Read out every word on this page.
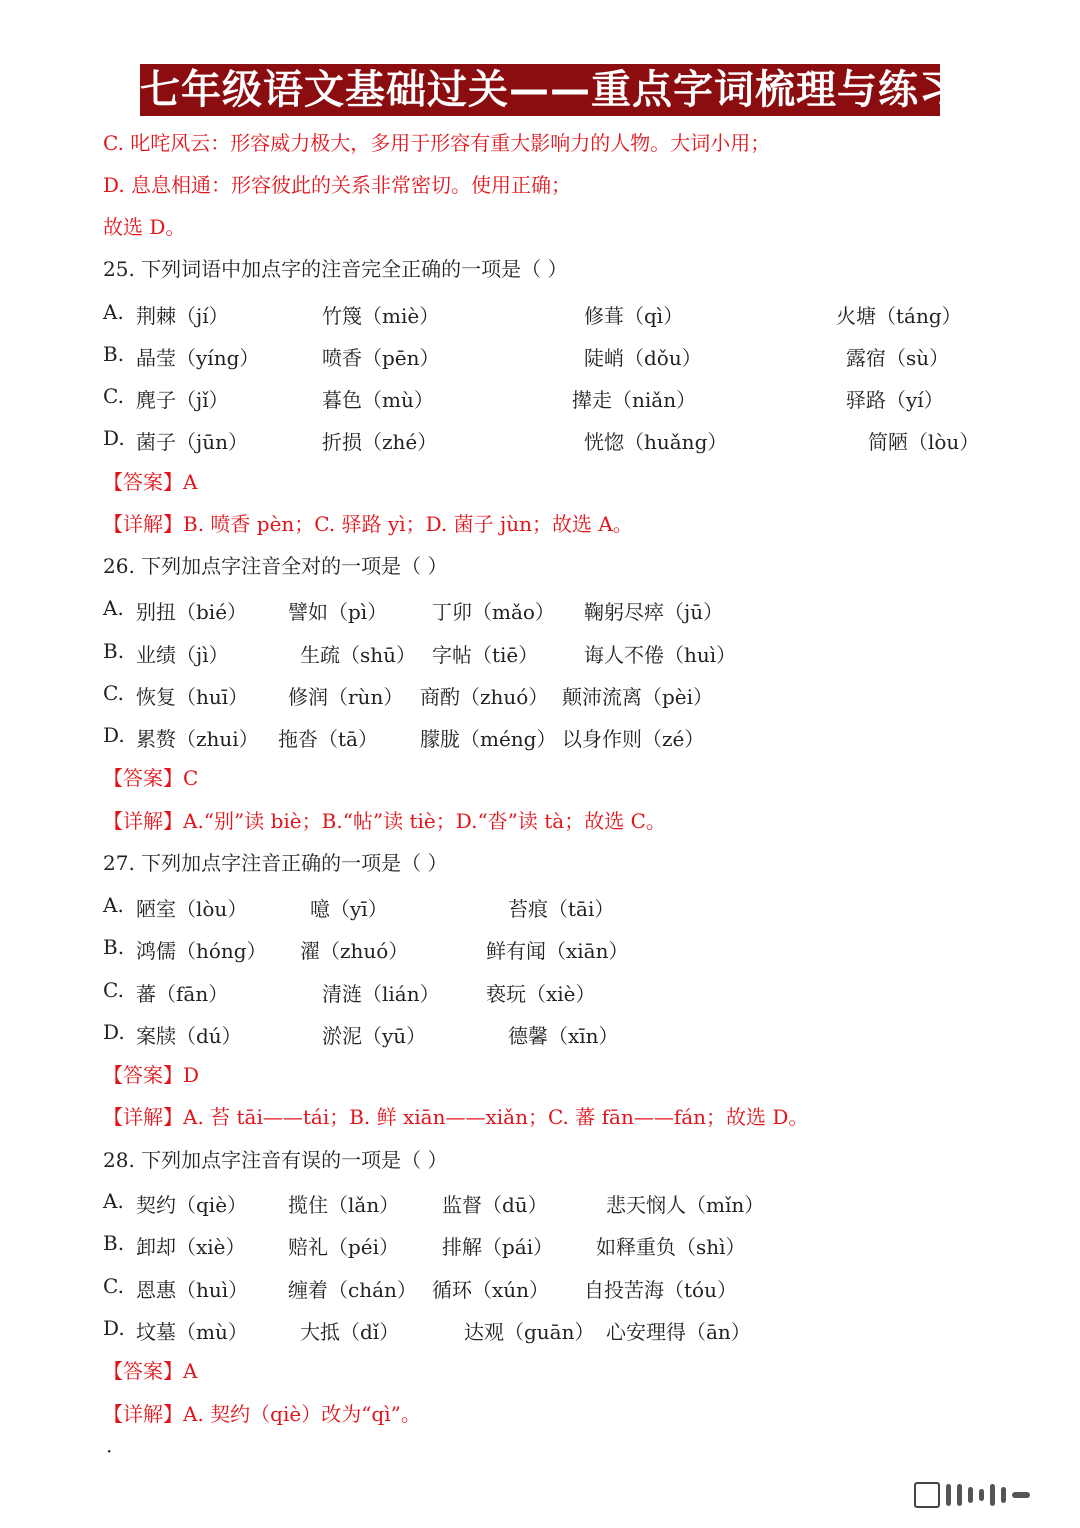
七年级语文基础过关——重点字词梳理与练习
C. 叱咤风云：形容威力极大，多用于形容有重大影响力的人物。大词小用；
D. 息息相通：形容彼此的关系非常密切。使用正确；
故选 D。
25. 下列词语中加点字的注音完全正确的一项是（ ）
A. 荆棘（jí）	竹篾（miè）	修葺（qì）	火塘（táng）
B. 晶莹（yíng）	喷香（pēn）	陡峭（dǒu）	露宿（sù）
C. 麂子（jǐ）	暮色（mù）	撵走（niǎn）	驿路（yí）
D. 菌子（jūn）	折损（zhé）	恍惚（huǎng）	简陋（lòu）
【答案】A
【详解】B. 喷香 pèn；C. 驿路 yì；D. 菌子 jùn；故选 A。
26. 下列加点字注音全对的一项是（ ）
A. 别扭（bié） 譬如（pì） 丁卯（mǎo） 鞠躬尽瘁（jū）
B. 业绩（jì）	生疏（shū） 字帖（tiē） 诲人不倦（huì）
C. 恢复（huī） 修润（rùn） 商酌（zhuó） 颠沛流离（pèi）
D. 累赘（zhui） 拖沓（tā） 朦胧（méng） 以身作则（zé）
【答案】C
【详解】A.“别”读 biè；B.“帖”读 tiè；D.“沓”读 tà；故选 C。
27. 下列加点字注音正确的一项是（ ）
A. 陋室（lòu）	噫（yī）	苔痕（tāi）
B. 鸿儒（hóng） 濯（zhuó）	鲜有闻（xiān）
C. 蕃（fān）	清涟（lián） 亵玩（xiè）
D. 案牍（dú）	淤泥（yū）	德馨（xīn）
【答案】D
【详解】A. 苔 tāi——tái；B. 鲜 xiān——xiǎn；C. 蕃 fān——fán；故选 D。
28. 下列加点字注音有误的一项是（ ）
A. 契约（qiè） 揽住（lǎn） 监督（dū）	悲天悯人（mǐn）
B. 卸却（xiè） 赔礼（péi） 排解（pái） 如释重负（shì）
C. 恩惠（huì） 缠着（chán） 循环（xún） 自投苦海（tóu）
D. 坟墓（mù）	大抵（dǐ）	达观（guān） 心安理得（ān）
【答案】A
【详解】A. 契约（qiè）改为“qì”。
·
